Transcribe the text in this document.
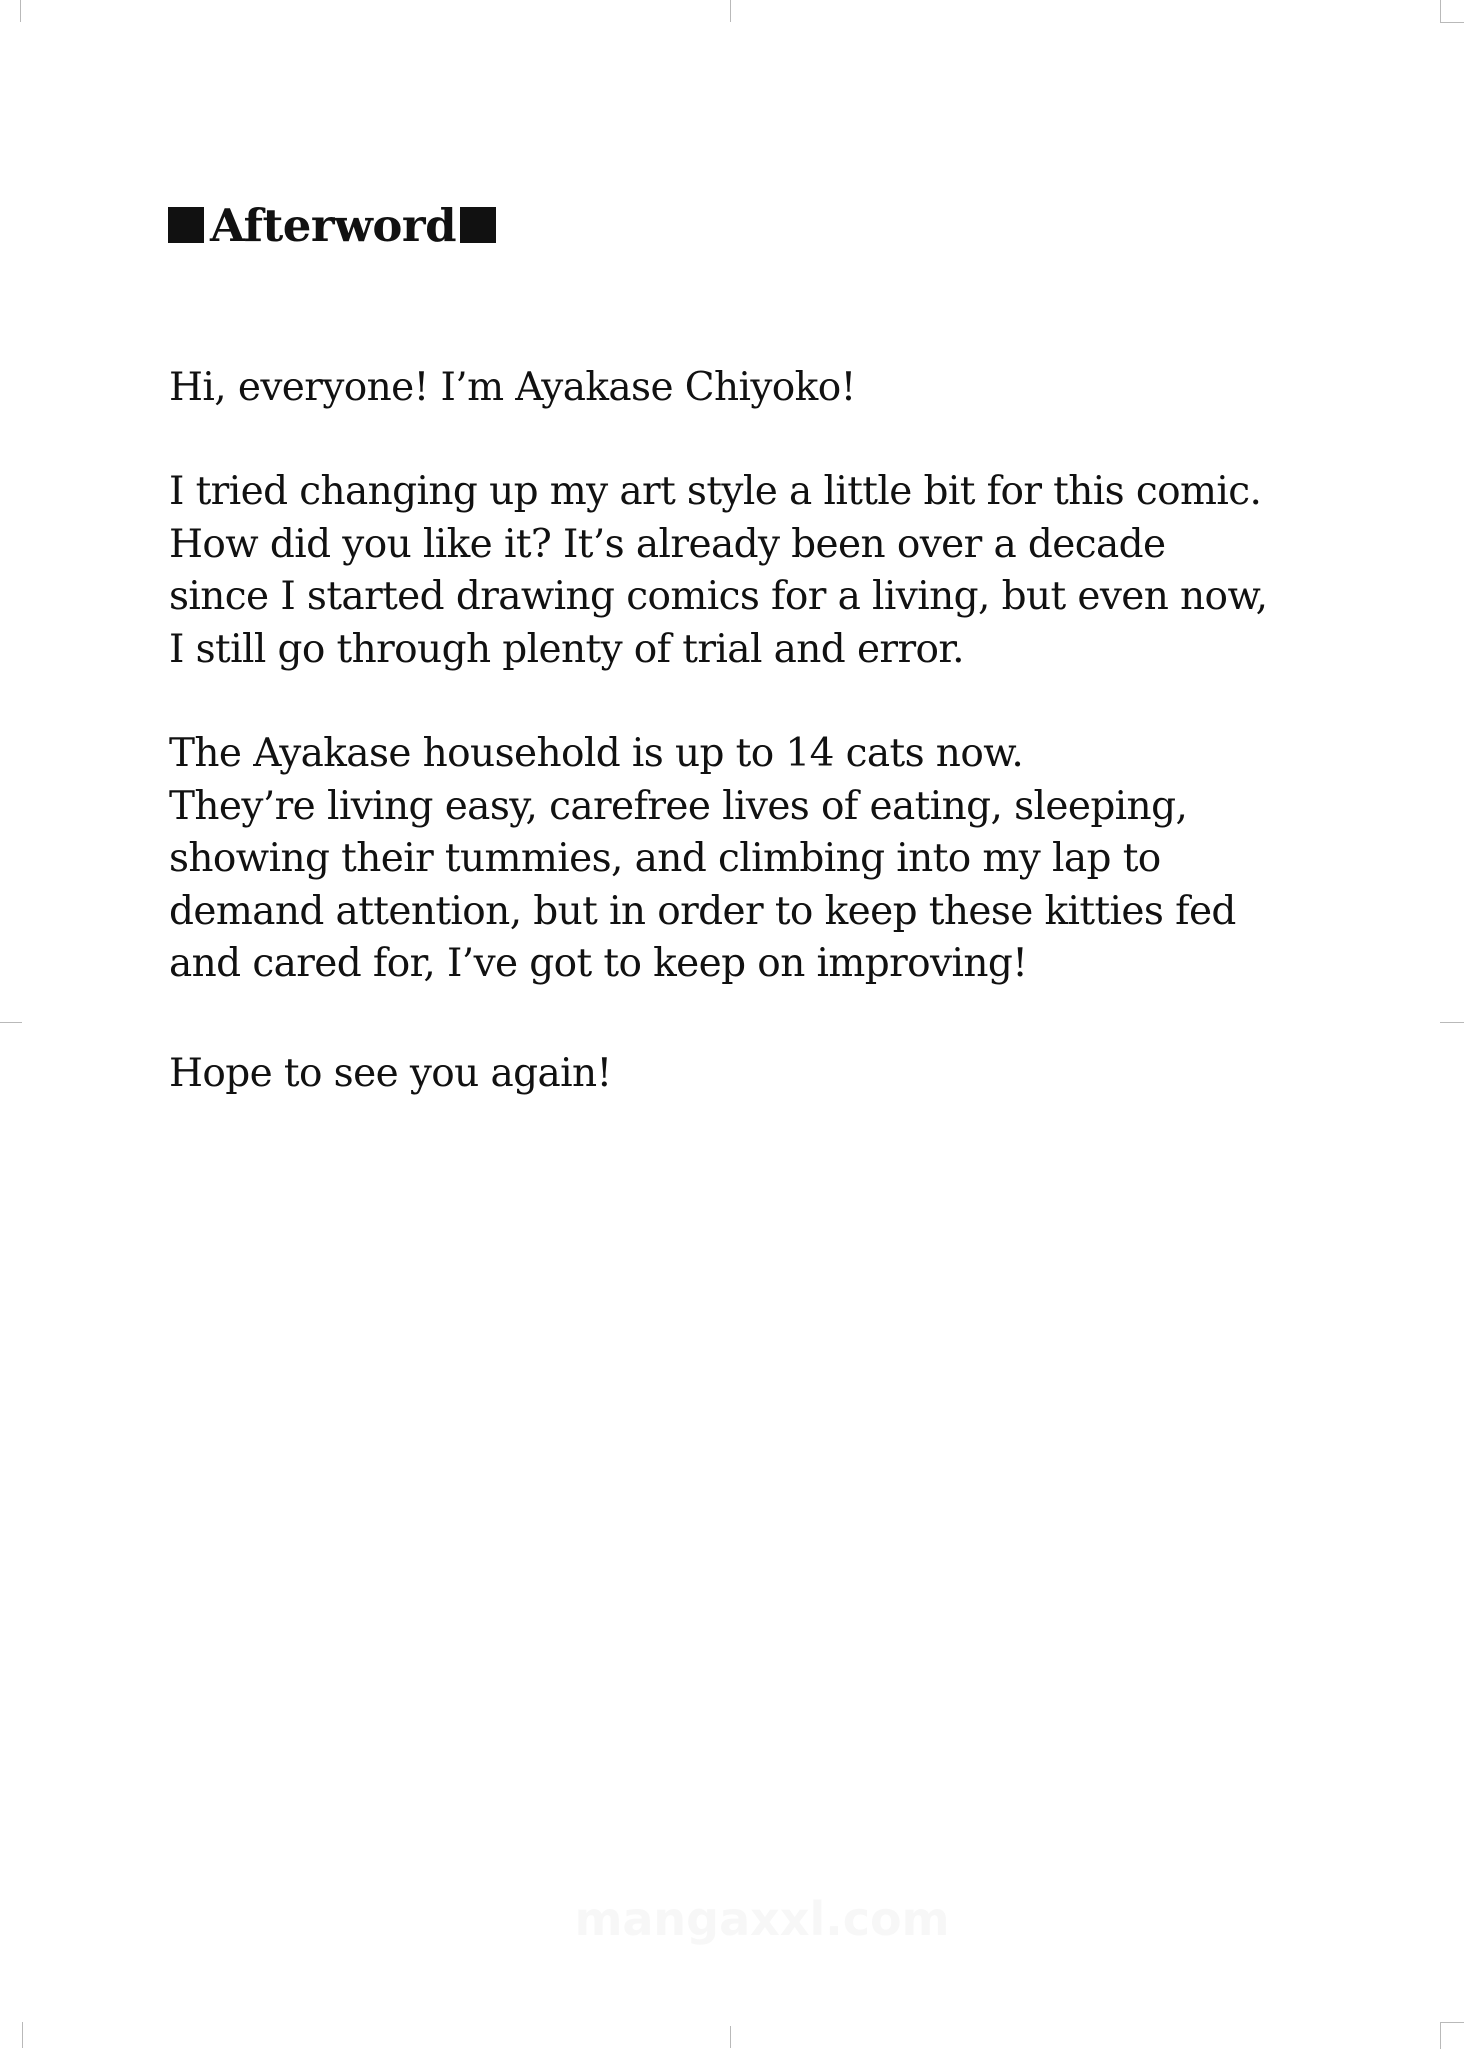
Afterword
Hi, everyone! I’m Ayakase Chiyoko!
I tried changing up my art style a little bit for this comic.
How did you like it? It’s already been over a decade
since I started drawing comics for a living, but even now,
I still go through plenty of trial and error.
The Ayakase household is up to 14 cats now.
They’re living easy, carefree lives of eating, sleeping,
showing their tummies, and climbing into my lap to
demand attention, but in order to keep these kitties fed
and cared for, I’ve got to keep on improving!
Hope to see you again!
mangaxxl.com
